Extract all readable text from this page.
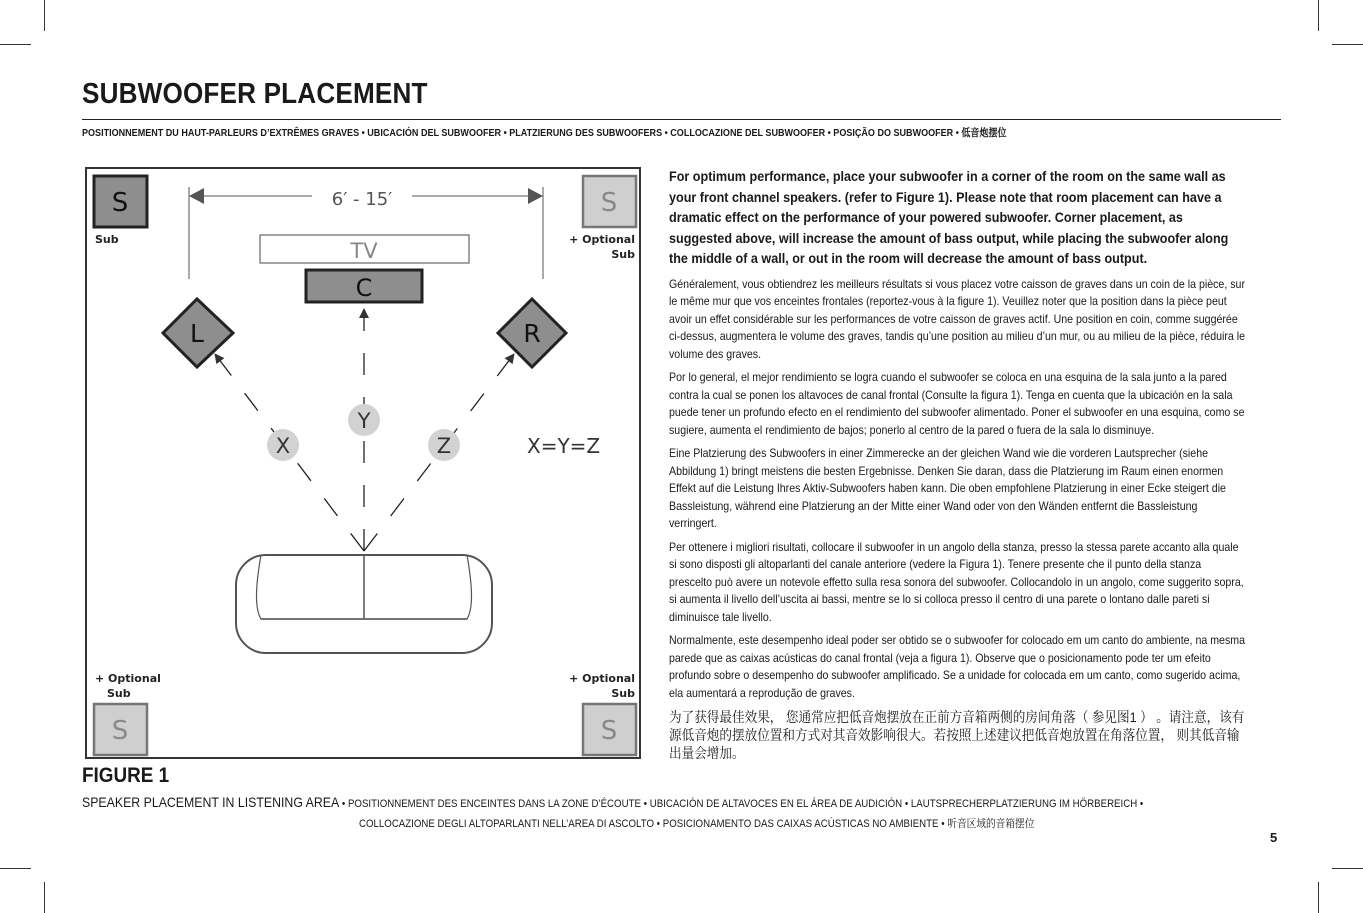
SUBWOOFER PLACEMENT
POSITIONNEMENT DU HAUT-PARLEURS D’EXTRÊMES GRAVES • UBICACIÓN DEL SUBWOOFER • PLATZIERUNG DES SUBWOOFERS • COLLOCAZIONE DEL SUBWOOFER • POSIÇÃO DO SUBWOOFER • 低音炮摆位
6′ - 15′
TV
C
L	R
S
Sub
S
+ Optional
Sub
+ Optional
Sub
S
+ Optional
Sub
S
X
Y
Z	X=Y=Z

For optimum performance, place your subwoofer in a corner of the room on the same wall as your front channel speakers. (refer to Figure 1). Please note that room placement can have a dramatic effect on the performance of your powered subwoofer. Corner placement, as suggested above, will increase the amount of bass output, while placing the subwoofer along the middle of a wall, or out in the room will decrease the amount of bass output.

Généralement, vous obtiendrez les meilleurs résultats si vous placez votre caisson de graves dans un coin de la pièce, sur le même mur que vos enceintes frontales (reportez-vous à la figure 1). Veuillez noter que la position dans la pièce peut avoir un effet considérable sur les performances de votre caisson de graves actif. Une position en coin, comme suggérée ci-dessus, augmentera le volume des graves, tandis qu’une position au milieu d’un mur, ou au milieu de la pièce, réduira le volume des graves.

Por lo general, el mejor rendimiento se logra cuando el subwoofer se coloca en una esquina de la sala junto a la pared contra la cual se ponen los altavoces de canal frontal (Consulte la figura 1). Tenga en cuenta que la ubicación en la sala puede tener un profundo efecto en el rendimiento del subwoofer alimentado. Poner el subwoofer en una esquina, como se sugiere, aumenta el rendimiento de bajos; ponerlo al centro de la pared o fuera de la sala lo disminuye.

Eine Platzierung des Subwoofers in einer Zimmerecke an der gleichen Wand wie die vorderen Lautsprecher (siehe Abbildung 1) bringt meistens die besten Ergebnisse. Denken Sie daran, dass die Platzierung im Raum einen enormen Effekt auf die Leistung Ihres Aktiv-Subwoofers haben kann. Die oben empfohlene Platzierung in einer Ecke steigert die Bassleistung, während eine Platzierung an der Mitte einer Wand oder von den Wänden entfernt die Bassleistung verringert.

Per ottenere i migliori risultati, collocare il subwoofer in un angolo della stanza, presso la stessa parete accanto alla quale si sono disposti gli altoparlanti del canale anteriore (vedere la Figura 1). Tenere presente che il punto della stanza prescelto può avere un notevole effetto sulla resa sonora del subwoofer. Collocandolo in un angolo, come suggerito sopra, si aumenta il livello dell’uscita ai bassi, mentre se lo si colloca presso il centro di una parete o lontano dalle pareti si diminuisce tale livello.

Normalmente, este desempenho ideal poder ser obtido se o subwoofer for colocado em um canto do ambiente, na mesma parede que as caixas acústicas do canal frontal (veja a figura 1). Observe que o posicionamento pode ter um efeito profundo sobre o desempenho do subwoofer amplificado. Se a unidade for colocada em um canto, como sugerido acima, ela aumentará a reprodução de graves.

为了获得最佳效果， 您通常应把低音炮摆放在正前方音箱两侧的房间角落（ 参见图1 ） 。请注意，该有源低音炮的摆放位置和方式对其音效影响很大。若按照上述建议把低音炮放置在角落位置， 则其低音输出量会增加。

FIGURE 1
SPEAKER PLACEMENT IN LISTENING AREA • POSITIONNEMENT DES ENCEINTES DANS LA ZONE D’ÉCOUTE • UBICACIÓN DE ALTAVOCES EN EL ÁREA DE AUDICIÓN • LAUTSPRECHERPLATZIERUNG IM HÖRBEREICH •
COLLOCAZIONE DEGLI ALTOPARLANTI NELL’AREA DI ASCOLTO • POSICIONAMENTO DAS CAIXAS ACÚSTICAS NO AMBIENTE • 听音区域的音箱摆位
5
